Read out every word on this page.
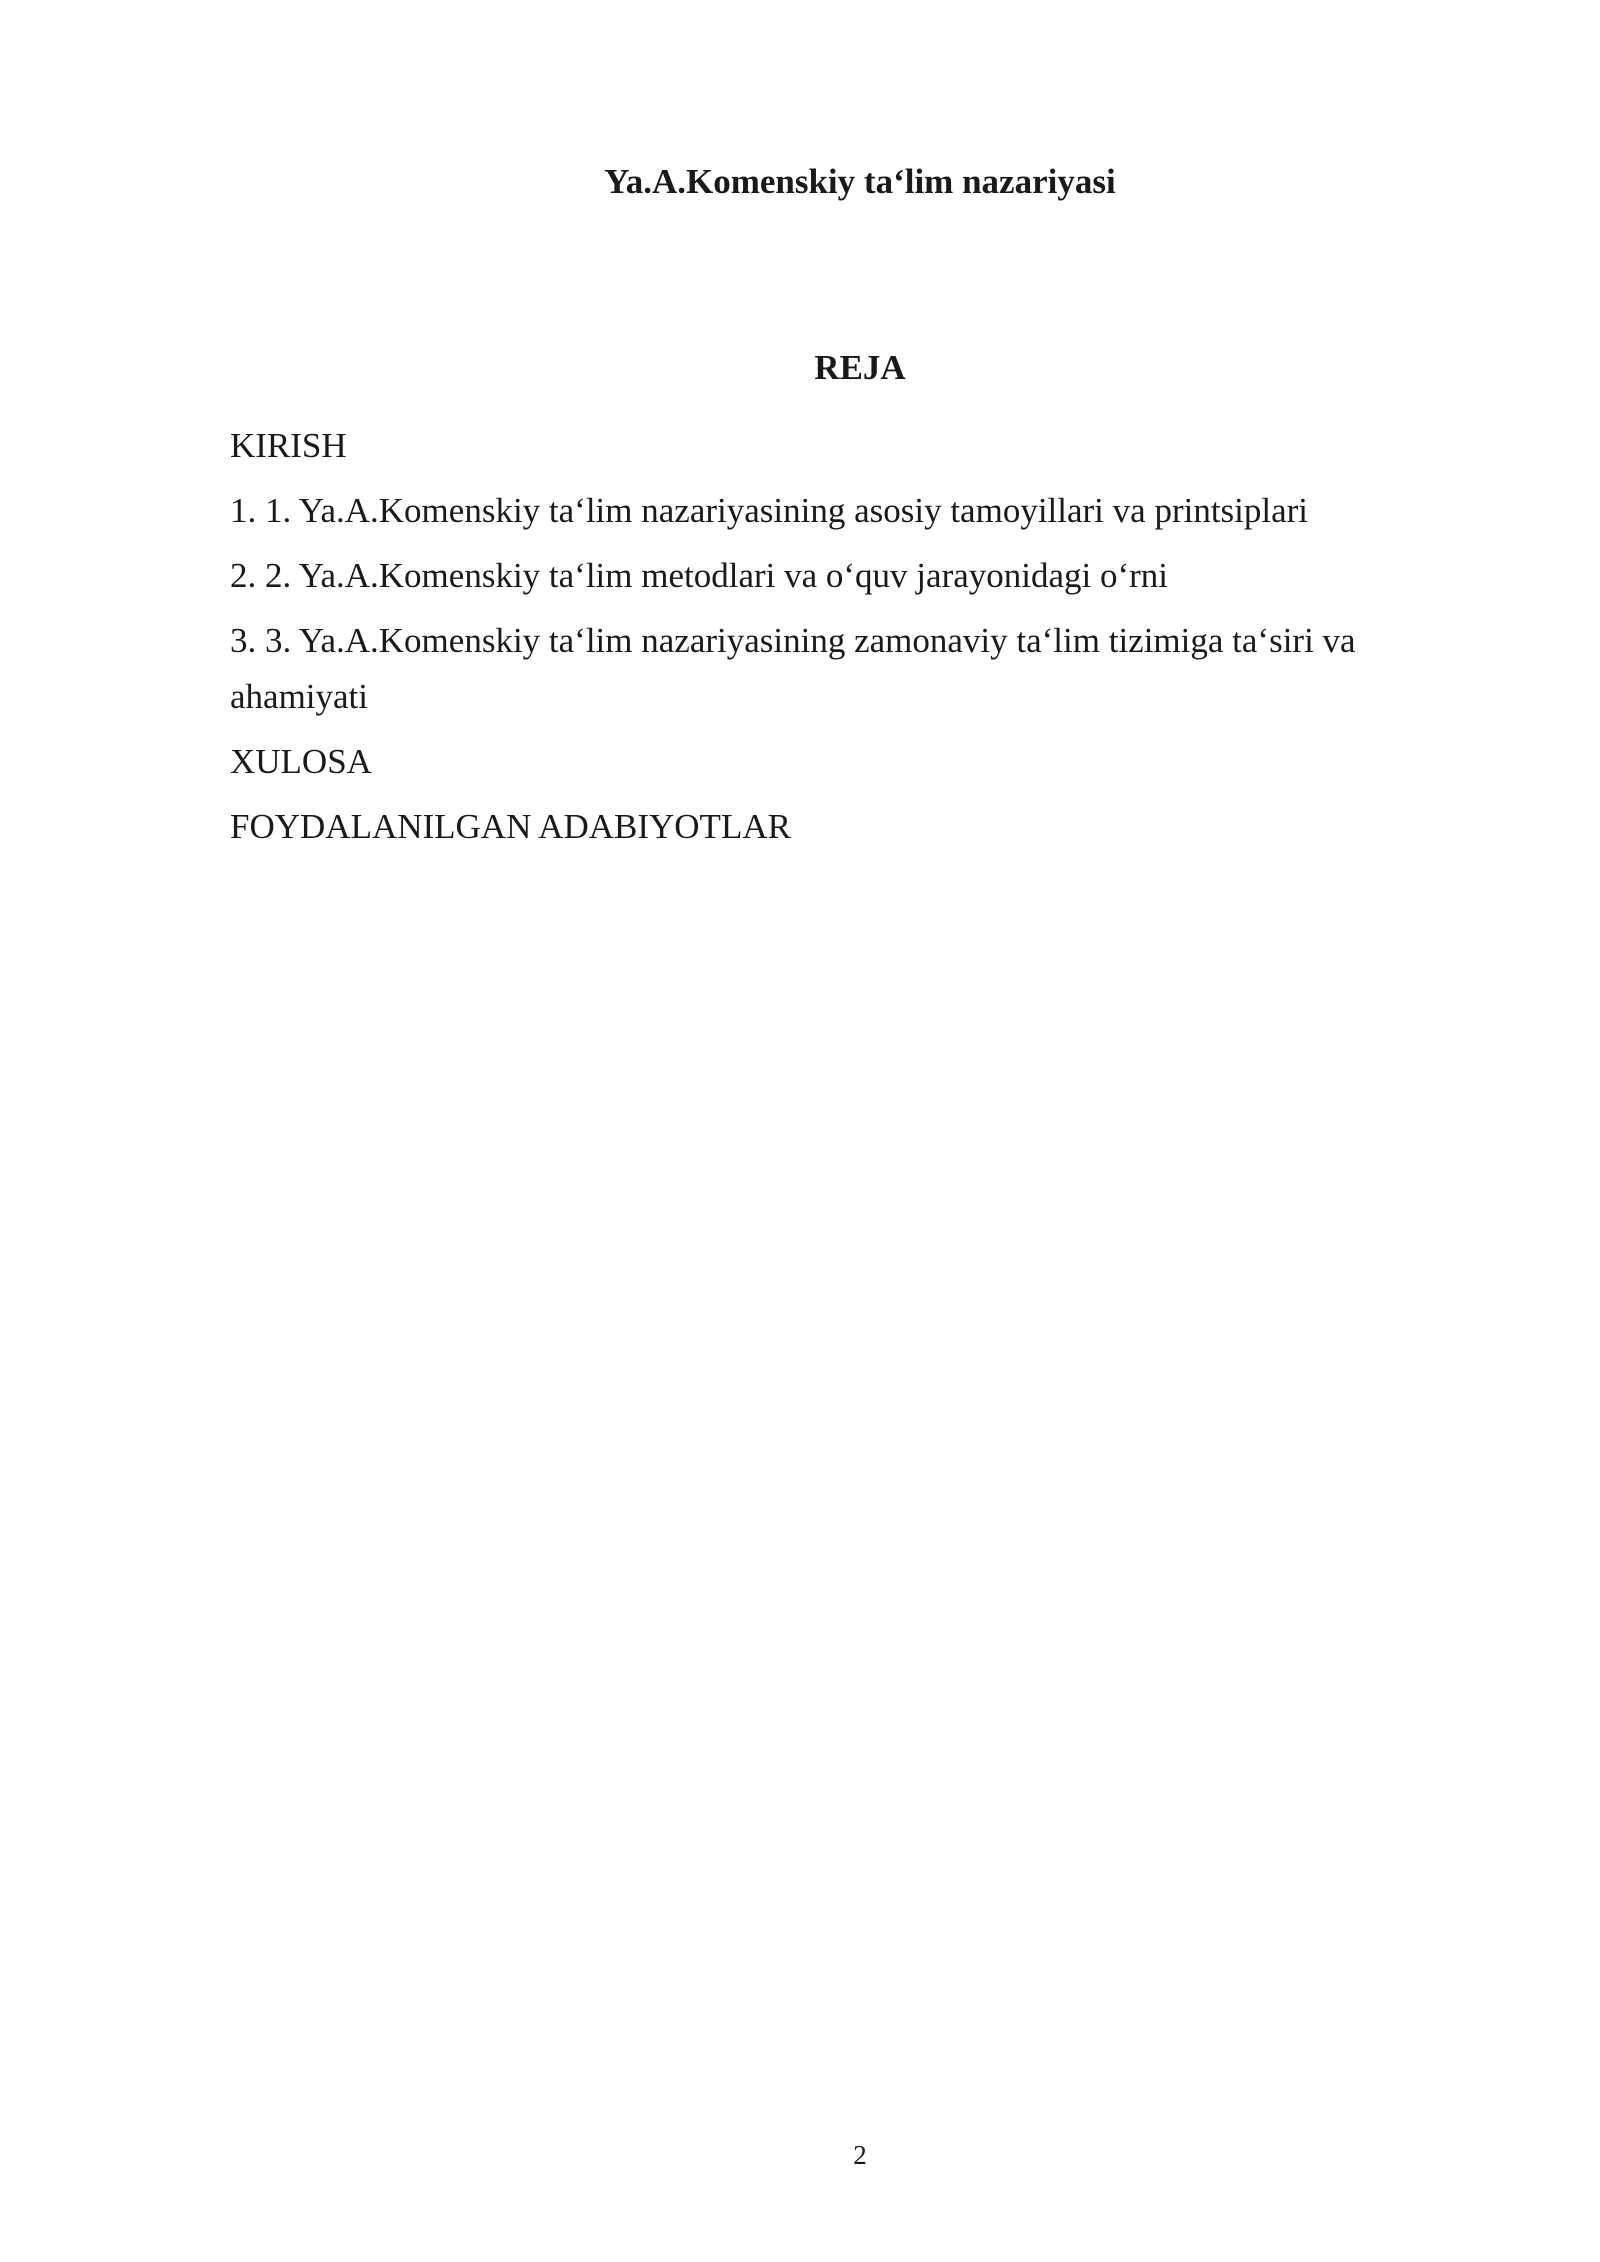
Ya.A.Komenskiy ta‘lim nazariyasi
REJA
KIRISH
1. 1. Ya.A.Komenskiy ta‘lim nazariyasining asosiy tamoyillari va printsiplari
2. 2. Ya.A.Komenskiy ta‘lim metodlari va o‘quv jarayonidagi o‘rni
3. 3. Ya.A.Komenskiy ta‘lim nazariyasining zamonaviy ta‘lim tizimiga ta‘siri va ahamiyati
XULOSA
FOYDALANILGAN ADABIYOTLAR
2
